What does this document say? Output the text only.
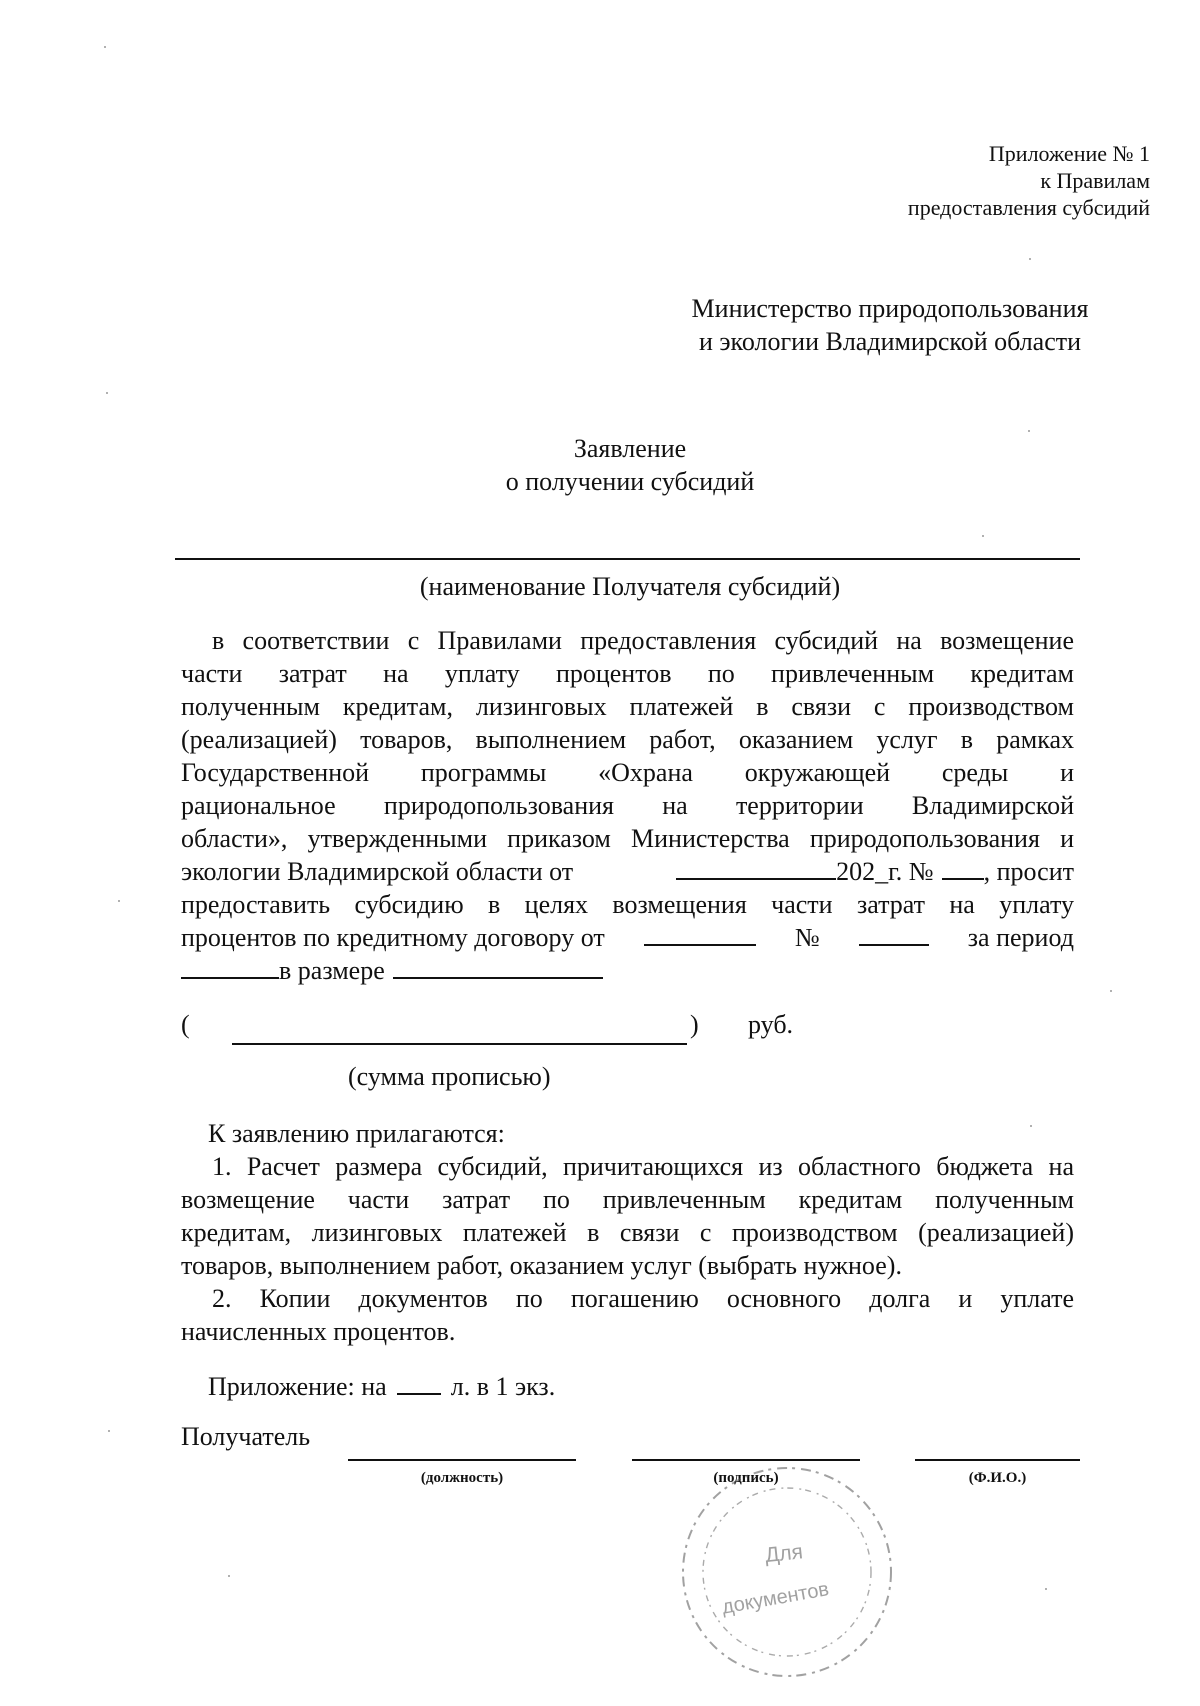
Приложение № 1

к Правилам

предоставления субсидий

Министерство природопользования

и экологии Владимирской области

Заявление

о получении субсидий

(наименование Получателя субсидий)

в соответствии с Правилами предоставления субсидий на возмещение

части затрат на уплату процентов по привлеченным кредитам

полученным кредитам, лизинговых платежей в связи с производством

(реализацией) товаров, выполнением работ, оказанием услуг в рамках

Государственной программы «Охрана окружающей среды и

рациональное природопользования на территории Владимирской

области», утвержденными приказом Министерства природопользования и

экологии Владимирской области от	202_г. № , просит

предоставить субсидию в целях возмещения части затрат на уплату

процентов по кредитному договору от	№	за период
в размере

(	) руб.

(сумма прописью)

К заявлению прилагаются:

1. Расчет размера субсидий, причитающихся из областного бюджета на

возмещение части затрат по привлеченным кредитам полученным

кредитам, лизинговых платежей в связи с производством (реализацией)

товаров, выполнением работ, оказанием услуг (выбрать нужное).

2. Копии документов по погашению основного долга и уплате

начисленных процентов.

Приложение: на л. в 1 экз.

Получатель

(должность)	(подпись)	(Ф.И.О.)

Для
документов
